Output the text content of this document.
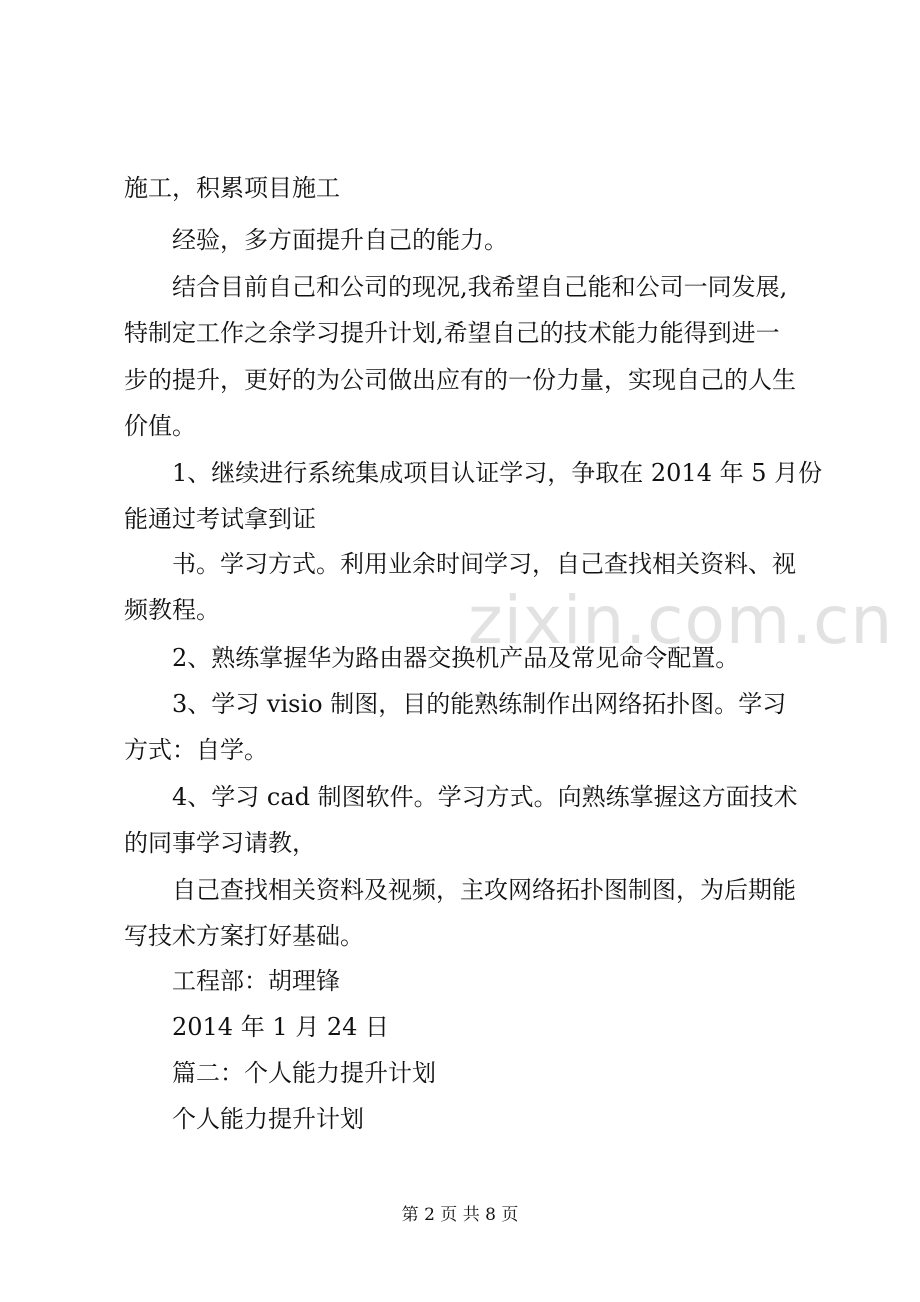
zixin.com.cn
施工，积累项目施工
经验，多方面提升自己的能力。
结合目前自己和公司的现况,我希望自己能和公司一同发展,
特制定工作之余学习提升计划,希望自己的技术能力能得到进一
步的提升，更好的为公司做出应有的一份力量，实现自己的人生
价值。
1、继续进行系统集成项目认证学习，争取在 2014 年 5 月份
能通过考试拿到证
书。学习方式。利用业余时间学习，自己查找相关资料、视
频教程。
2、熟练掌握华为路由器交换机产品及常见命令配置。
3、学习 visio 制图，目的能熟练制作出网络拓扑图。学习
方式：自学。
4、学习 cad 制图软件。学习方式。向熟练掌握这方面技术
的同事学习请教，
自己查找相关资料及视频，主攻网络拓扑图制图，为后期能
写技术方案打好基础。
工程部：胡理锋
2014 年 1 月 24 日
篇二：个人能力提升计划
个人能力提升计划
第 2 页 共 8 页
